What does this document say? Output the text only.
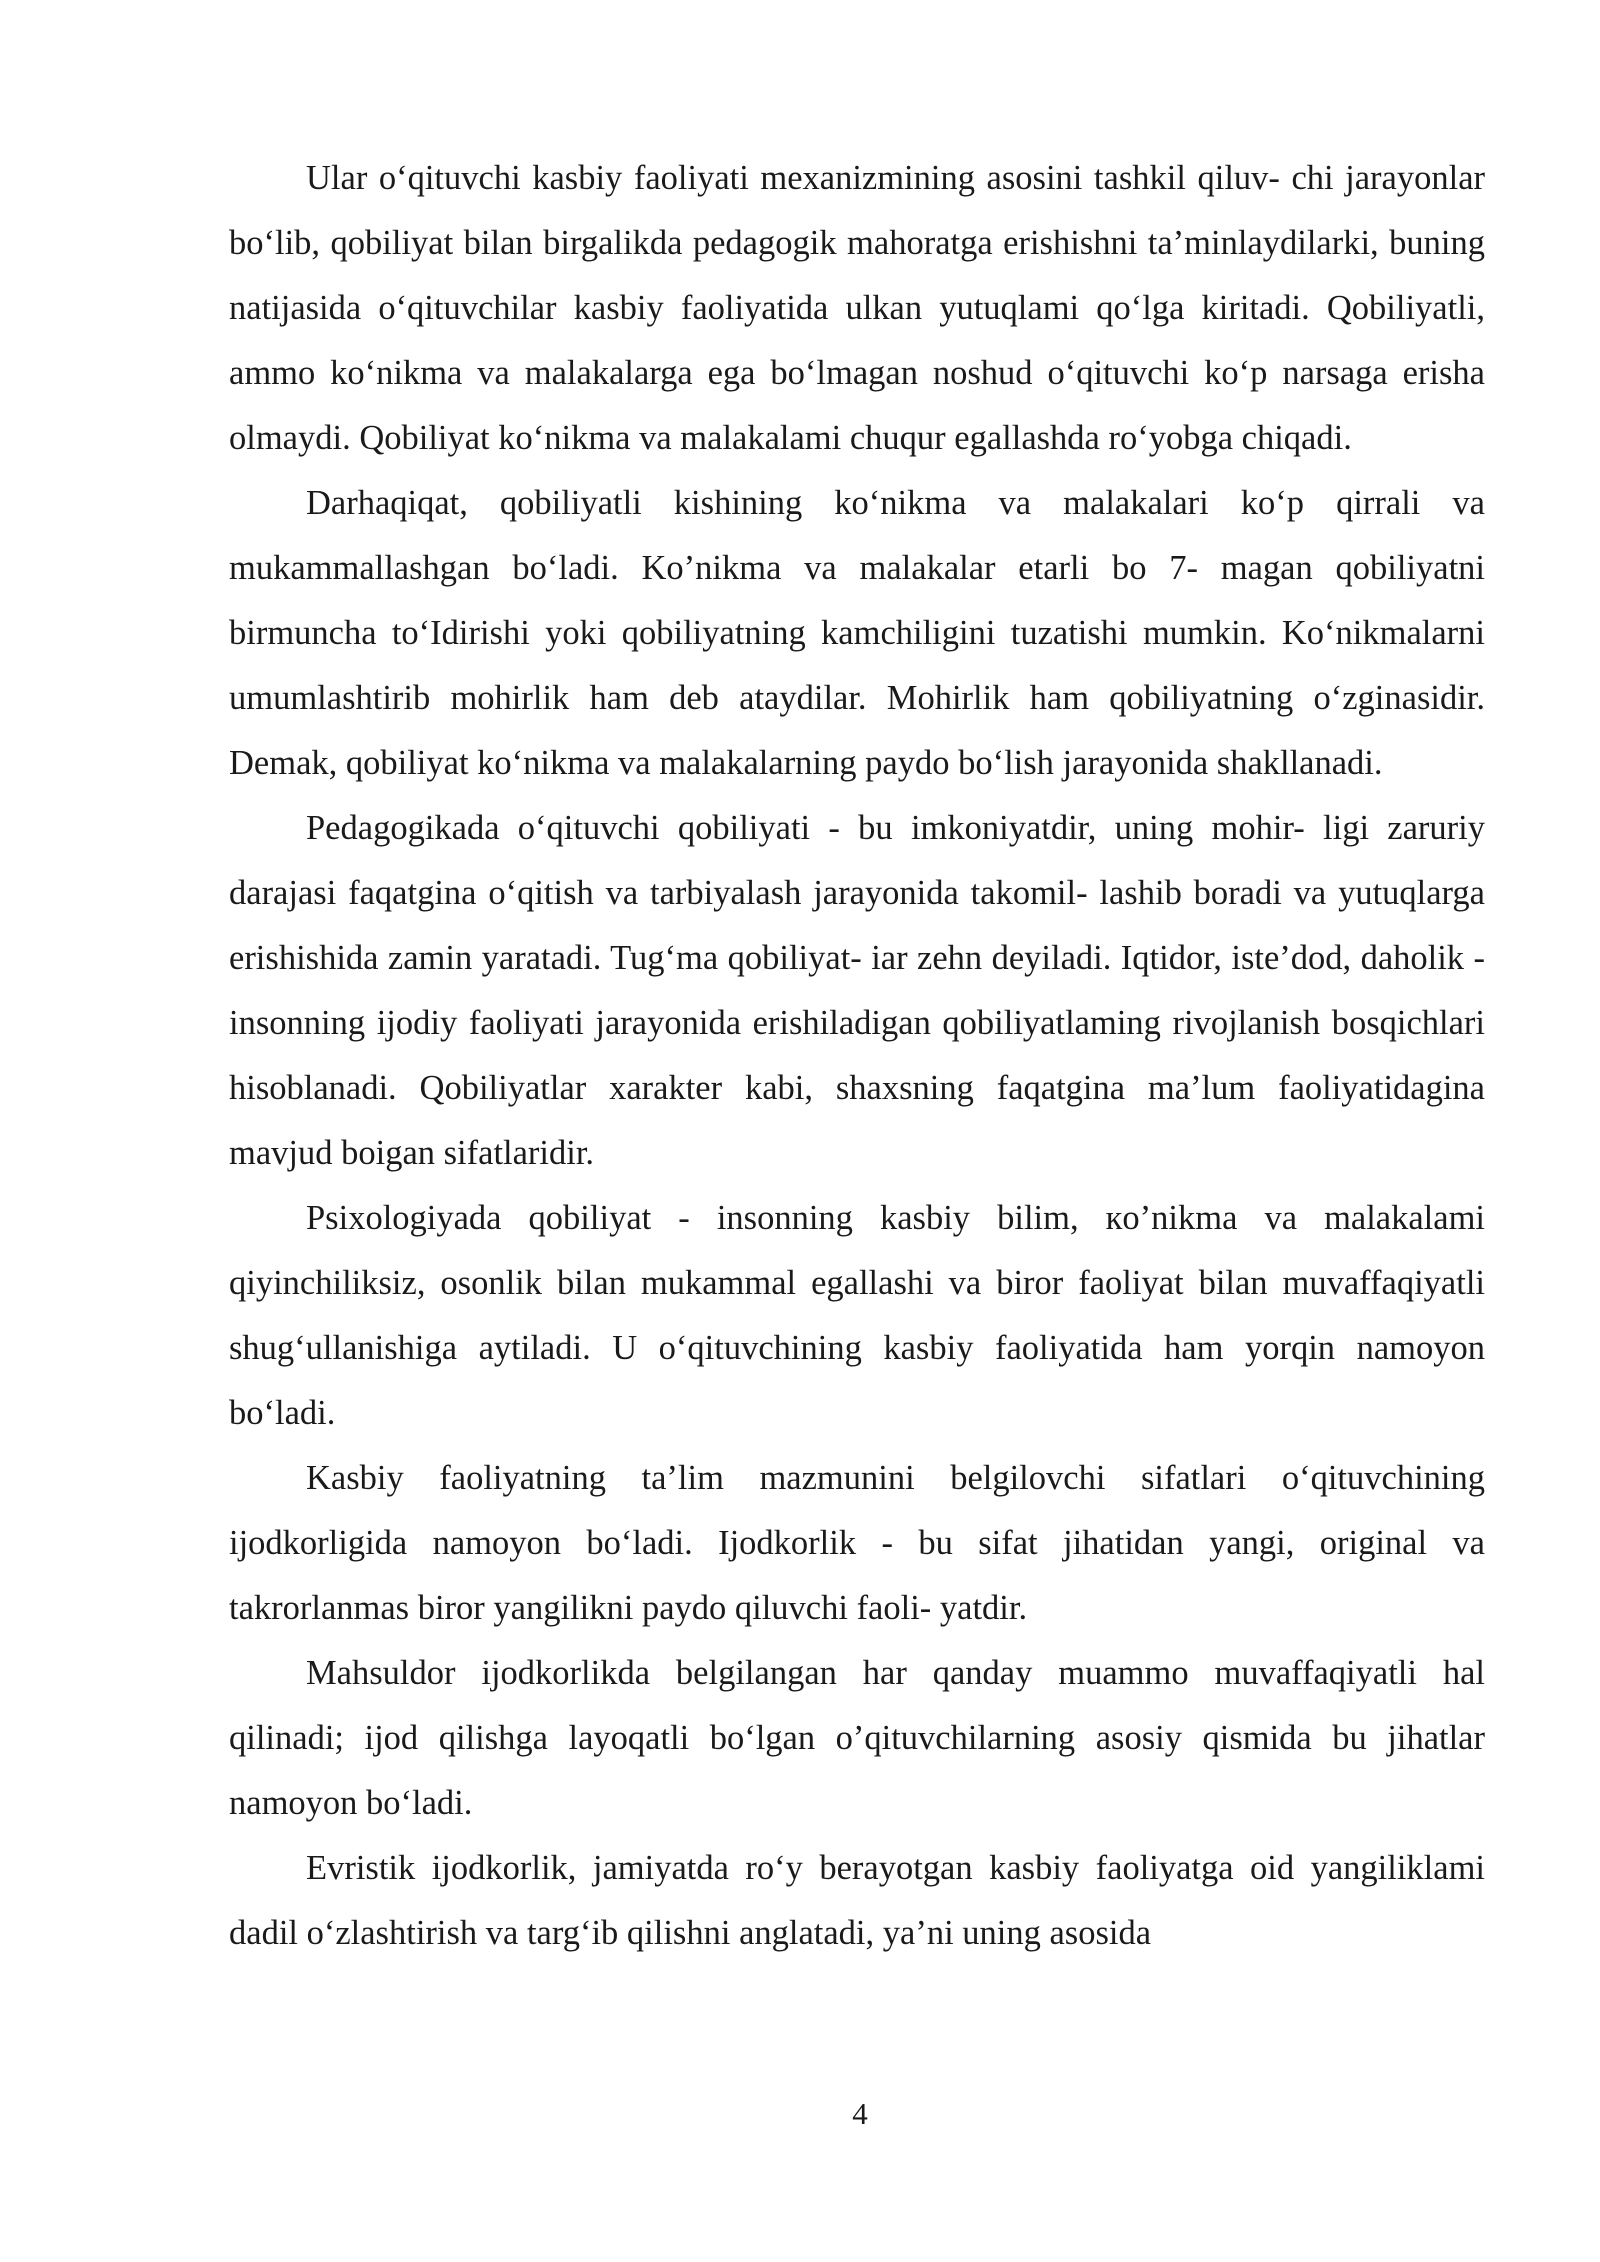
Ular o‘qituvchi kasbiy faoliyati mexanizmining asosini tashkil qiluv- chi jarayonlar bo‘lib, qobiliyat bilan birgalikda pedagogik mahoratga erishishni ta’minlaydilarki, buning natijasida o‘qituvchilar kasbiy faoliyatida ulkan yutuqlami qo‘lga kiritadi. Qobiliyatli, ammo ko‘nikma va malakalarga ega bo‘lmagan noshud o‘qituvchi ko‘p narsaga erisha olmaydi. Qobiliyat ko‘nikma va malakalami chuqur egallashda ro‘yobga chiqadi.

Darhaqiqat, qobiliyatli kishining ko‘nikma va malakalari ko‘p qirrali va mukammallashgan bo‘ladi. Ko’nikma va malakalar etarli bo 7- magan qobiliyatni birmuncha to‘Idirishi yoki qobiliyatning kamchiligini tuzatishi mumkin. Ko‘nikmalarni umumlashtirib mohirlik ham deb ataydilar. Mohirlik ham qobiliyatning o‘zginasidir. Demak, qobiliyat ko‘nikma va malakalarning paydo bo‘lish jarayonida shakllanadi.

Pedagogikada o‘qituvchi qobiliyati - bu imkoniyatdir, uning mohir- ligi zaruriy darajasi faqatgina o‘qitish va tarbiyalash jarayonida takomil- lashib boradi va yutuqlarga erishishida zamin yaratadi. Tug‘ma qobiliyat- iar zehn deyiladi. Iqtidor, iste’dod, daholik - insonning ijodiy faoliyati jarayonida erishiladigan qobiliyatlaming rivojlanish bosqichlari hisoblanadi. Qobiliyatlar xarakter kabi, shaxsning faqatgina ma’lum faoliyatidagina mavjud boigan sifatlaridir.

Psixologiyada qobiliyat - insonning kasbiy bilim, кo’nikma va malakalami qiyinchiliksiz, osonlik bilan mukammal egallashi va biror faoliyat bilan muvaffaqiyatli shug‘ullanishiga aytiladi. U o‘qituvchining kasbiy faoliyatida ham yorqin namoyon bo‘ladi.

Kasbiy faoliyatning ta’lim mazmunini belgilovchi sifatlari o‘qituvchining ijodkorligida namoyon bo‘ladi. Ijodkorlik - bu sifat jihatidan yangi, original va takrorlanmas biror yangilikni paydo qiluvchi faoli- yatdir.

Mahsuldor ijodkorlikda belgilangan har qanday muammo muvaffaqiyatli hal qilinadi; ijod qilishga layoqatli bo‘lgan o’qituvchilarning asosiy qismida bu jihatlar namoyon bo‘ladi.

Evristik ijodkorlik, jamiyatda ro‘y berayotgan kasbiy faoliyatga oid yangiliklami dadil o‘zlashtirish va targ‘ib qilishni anglatadi, ya’ni uning asosida

4
